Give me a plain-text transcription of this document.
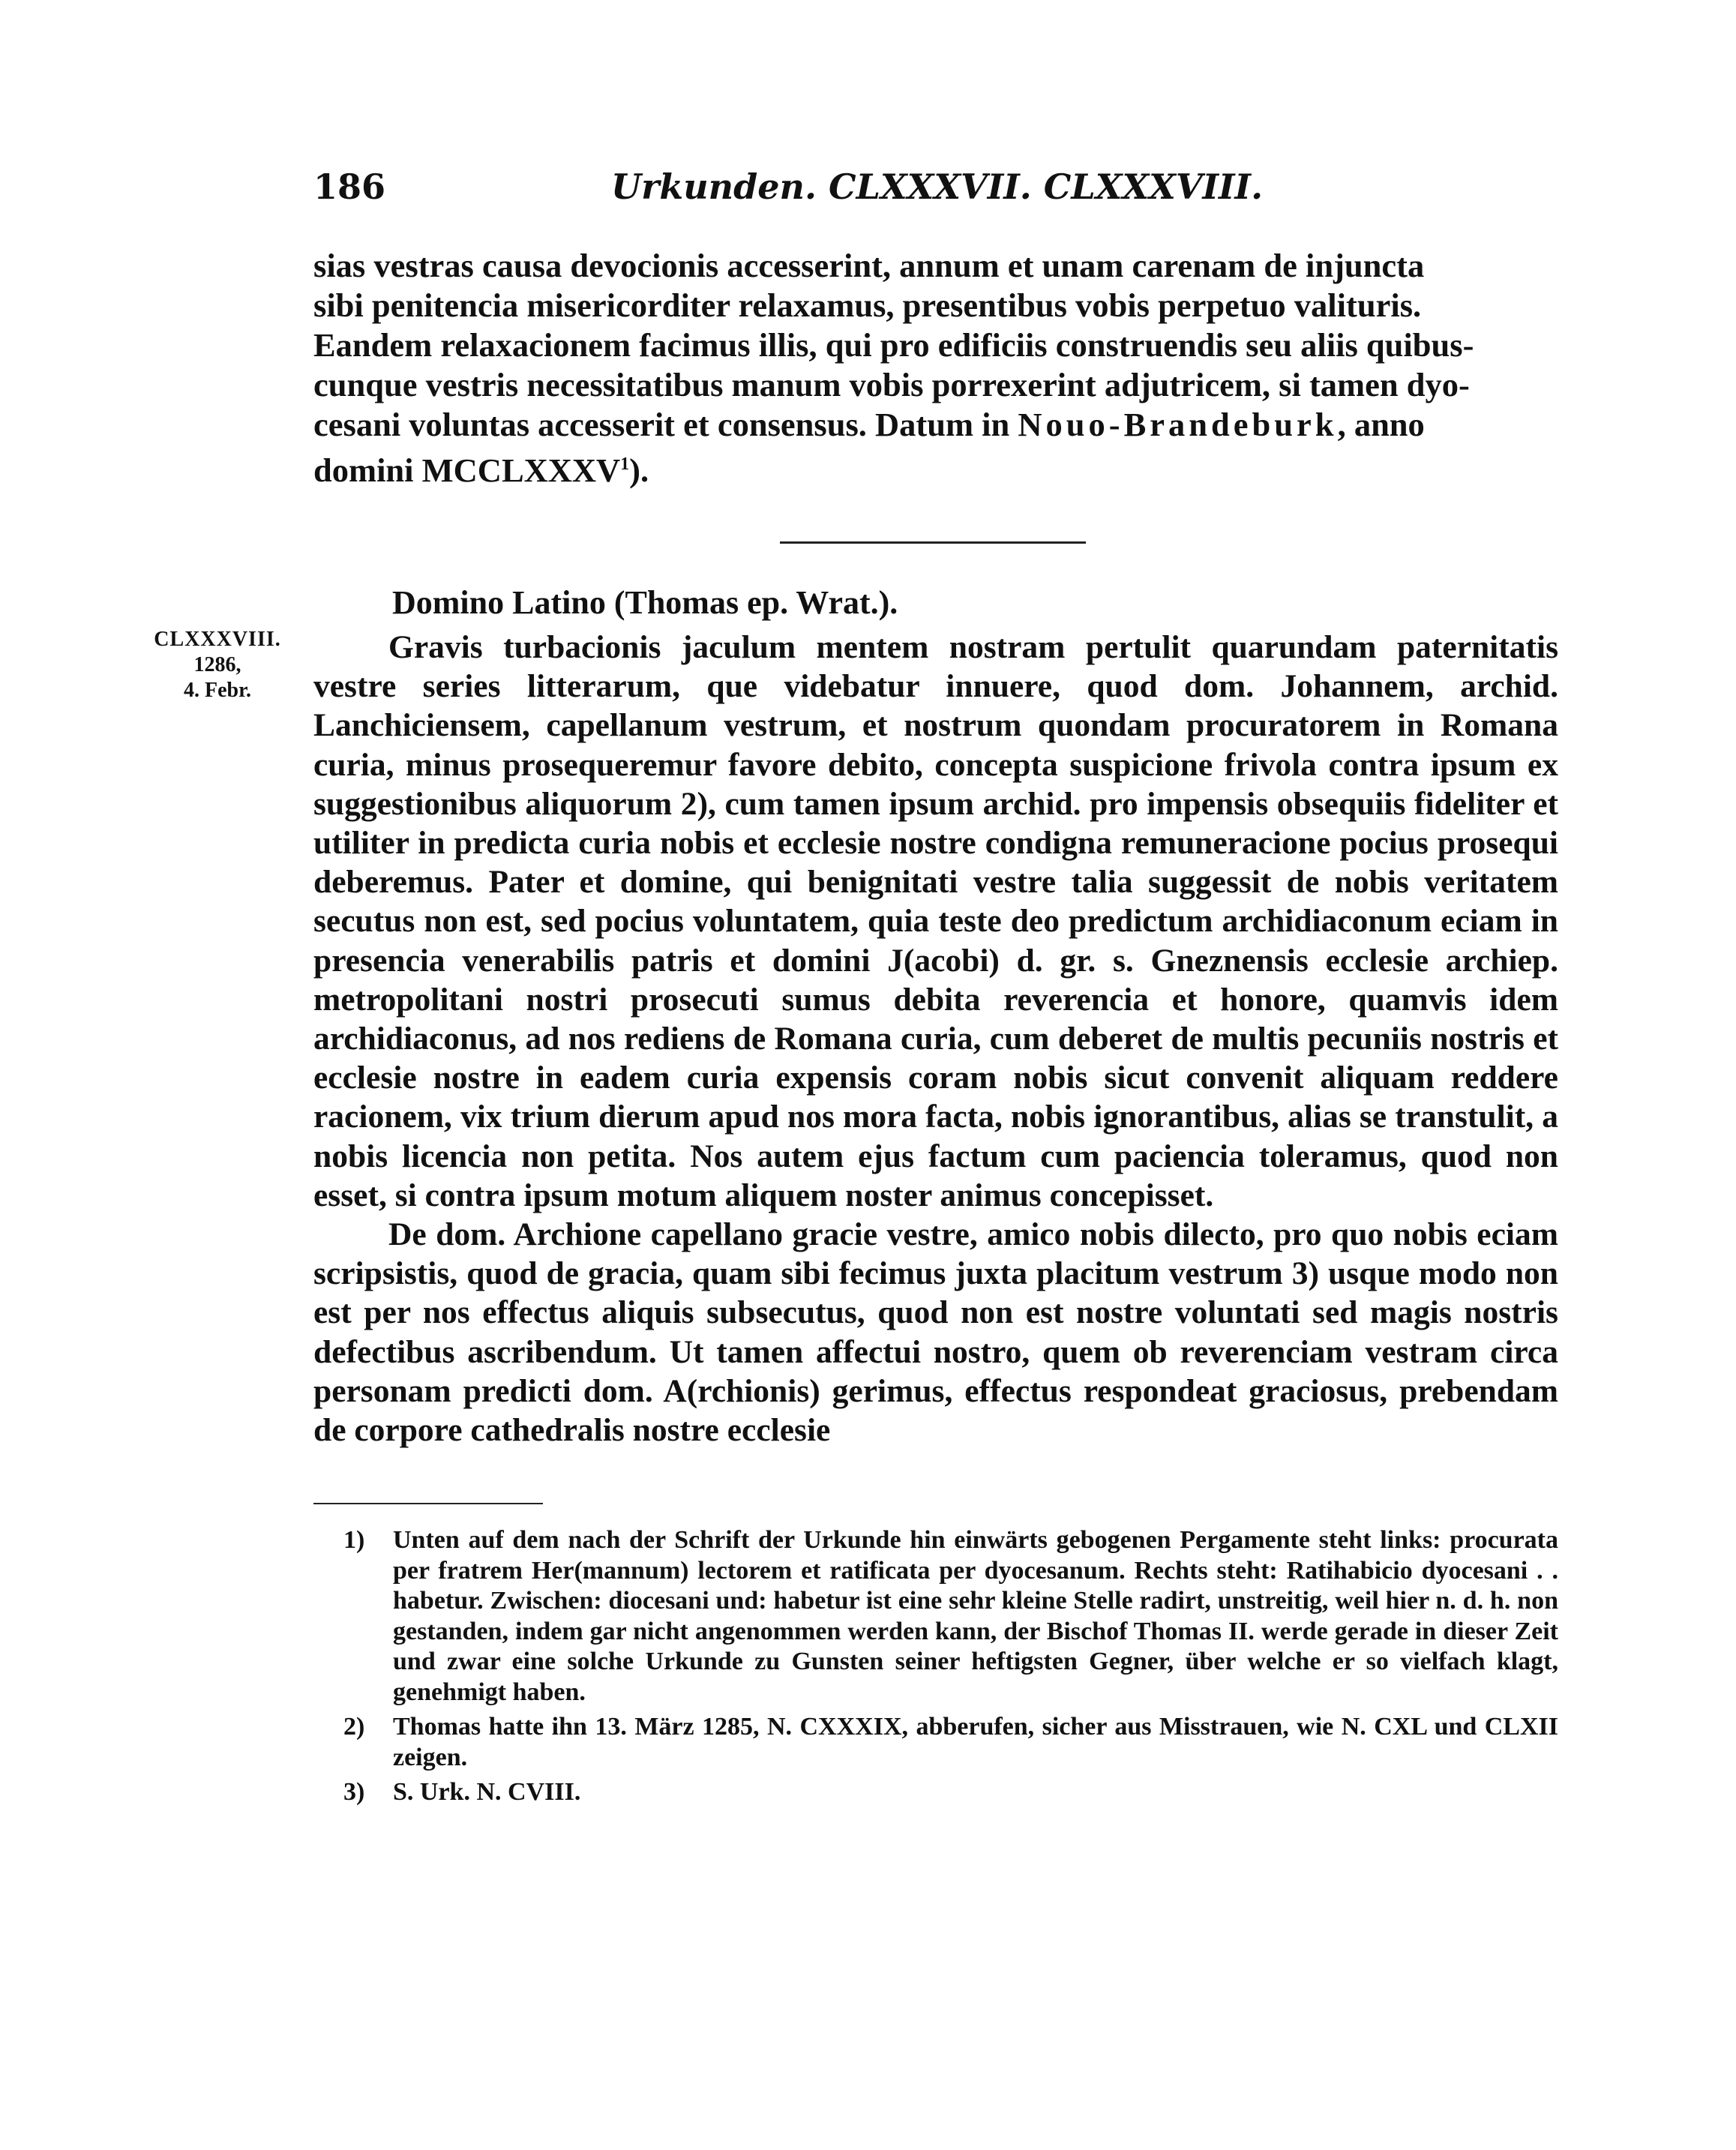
186	Urkunden. CLXXXVII. CLXXXVIII.
sias vestras causa devocionis accesserint, annum et unam carenam de injuncta
sibi penitencia misericorditer relaxamus, presentibus vobis perpetuo valituris.
Eandem relaxacionem facimus illis, qui pro edificiis construendis seu aliis quibus-
cunque vestris necessitatibus manum vobis porrexerint adjutricem, si tamen dyo-
cesani voluntas accesserit et consensus. Datum in Nouo-Brandeburk, anno
domini MCCLXXXV$^1$).
Domino Latino (Thomas ep. Wrat.).
CLXXXVIII.
1286,
4. Febr.

Gravis turbacionis jaculum mentem nostram pertulit quarundam paternitatis vestre series litterarum, que videbatur innuere, quod dom. Johannem, archid. Lanchiciensem, capellanum vestrum, et nostrum quondam procuratorem in Romana curia, minus prosequeremur favore debito, concepta suspicione frivola contra ipsum ex suggestionibus aliquorum 2), cum tamen ipsum archid. pro impensis obsequiis fideliter et utiliter in predicta curia nobis et ecclesie nostre condigna remuneracione pocius prosequi deberemus. Pater et domine, qui benignitati vestre talia suggessit de nobis veritatem secutus non est, sed pocius voluntatem, quia teste deo predictum archidiaconum eciam in presencia venerabilis patris et domini J(acobi) d. gr. s. Gneznensis ecclesie archiep. metropolitani nostri prosecuti sumus debita reverencia et honore, quamvis idem archidiaconus, ad nos rediens de Romana curia, cum deberet de multis pecuniis nostris et ecclesie nostre in eadem curia expensis coram nobis sicut convenit aliquam reddere racionem, vix trium dierum apud nos mora facta, nobis ignorantibus, alias se transtulit, a nobis licencia non petita. Nos autem ejus factum cum paciencia toleramus, quod non esset, si contra ipsum motum aliquem noster animus concepisset.

De dom. Archione capellano gracie vestre, amico nobis dilecto, pro quo nobis eciam scripsistis, quod de gracia, quam sibi fecimus juxta placitum vestrum 3) usque modo non est per nos effectus aliquis subsecutus, quod non est nostre voluntati sed magis nostris defectibus ascribendum. Ut tamen affectui nostro, quem ob reverenciam vestram circa personam predicti dom. A(rchionis) gerimus, effectus respondeat graciosus, prebendam de corpore cathedralis nostre ecclesie

1) Unten auf dem nach der Schrift der Urkunde hin einwärts gebogenen Pergamente steht links: procurata per fratrem Her(mannum) lectorem et ratificata per dyocesanum. Rechts steht: Ratihabicio dyocesani . . habetur. Zwischen: diocesani und: habetur ist eine sehr kleine Stelle radirt, unstreitig, weil hier n. d. h. non gestanden, indem gar nicht angenommen werden kann, der Bischof Thomas II. werde gerade in dieser Zeit und zwar eine solche Urkunde zu Gunsten seiner heftigsten Gegner, über welche er so vielfach klagt, genehmigt haben.
2) Thomas hatte ihn 13. März 1285, N. CXXXIX, abberufen, sicher aus Misstrauen, wie N. CXL und CLXII zeigen.
3) S. Urk. N. CVIII.
